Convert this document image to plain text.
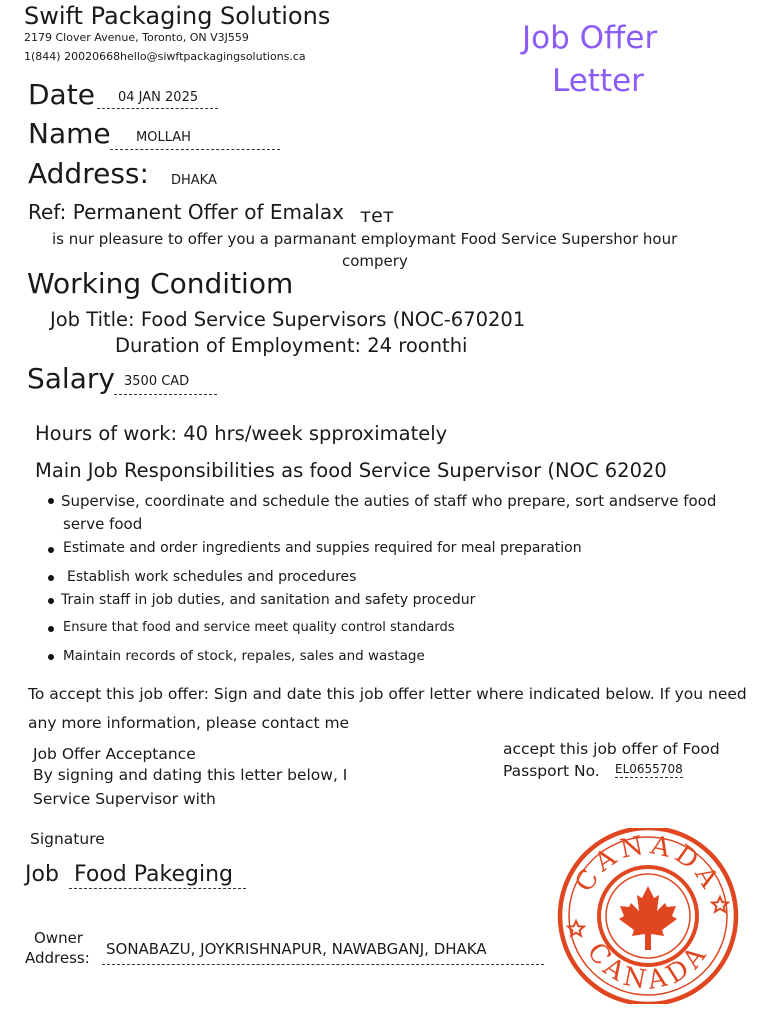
Swift Packaging Solutions
2179 Clover Avenue, Toronto, ON V3J559
1(844) 20020668hello@siwftpackagingsolutions.ca
Job Offer
Letter
Date 04 JAN 2025
Name MOLLAH
Address: DHAKA
Ref: Permanent Offer of Emalax тет
is nur pleasure to offer you a parmanant employmant Food Service Supershor hour
compery
Working Conditiom
Job Title: Food Service Supervisors (NOC-670201
Duration of Employment: 24 roonthi
Salary 3500 CAD
Hours of work: 40 hrs/week spproximately
Main Job Responsibilities as food Service Supervisor (NOC 62020
Supervise, coordinate and schedule the auties of staff who prepare, sort andserve food
serve food
Estimate and order ingredients and suppies required for meal preparation
Establish work schedules and procedures
Train staff in job duties, and sanitation and safety procedur
Ensure that food and service meet quality control standards
Maintain records of stock, repales, sales and wastage
To accept this job offer: Sign and date this job offer letter where indicated below. If you need
any more information, please contact me
Job Offer Acceptance
By signing and dating this letter below, I
Service Supervisor with
accept this job offer of Food
Passport No. EL0655708
Signature
Job Food Pakeging
Owner
Address: SONABAZU, JOYKRISHNAPUR, NAWABGANJ, DHAKA
CANADA
CANADA
